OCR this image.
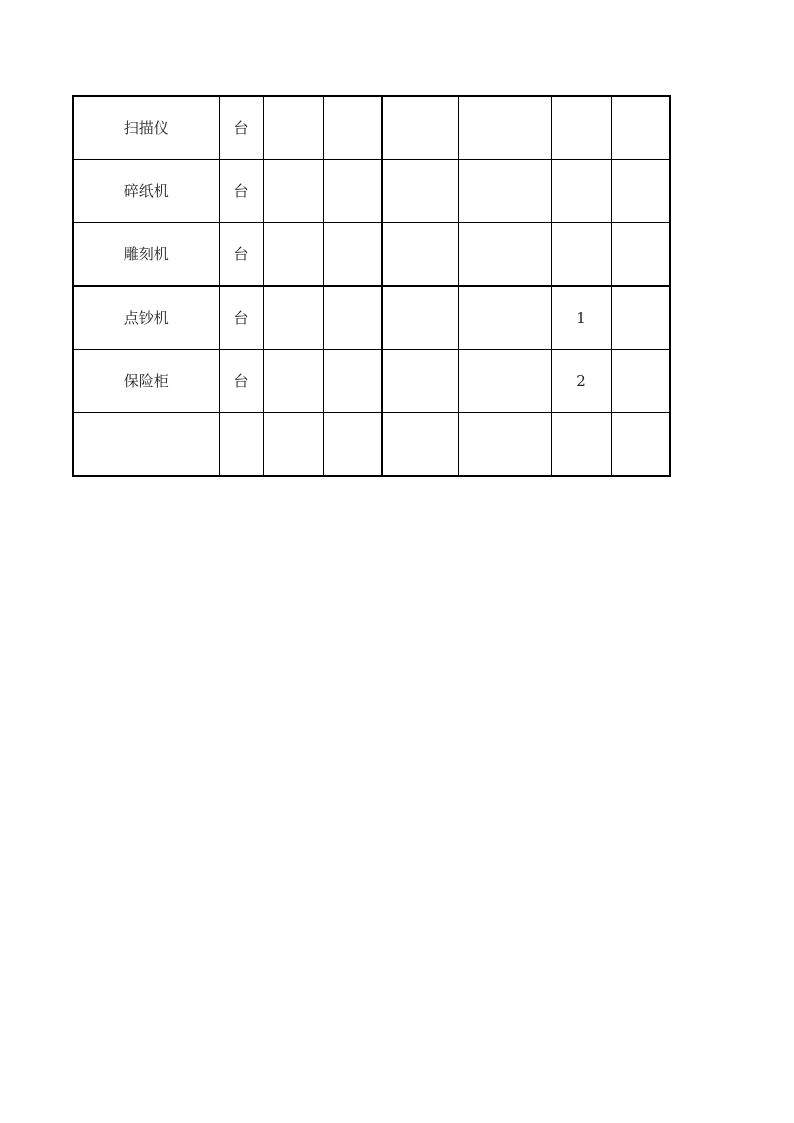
扫描仪	台						
碎纸机	台						
雕刻机	台						
点钞机	台					1	
保险柜	台					2	
